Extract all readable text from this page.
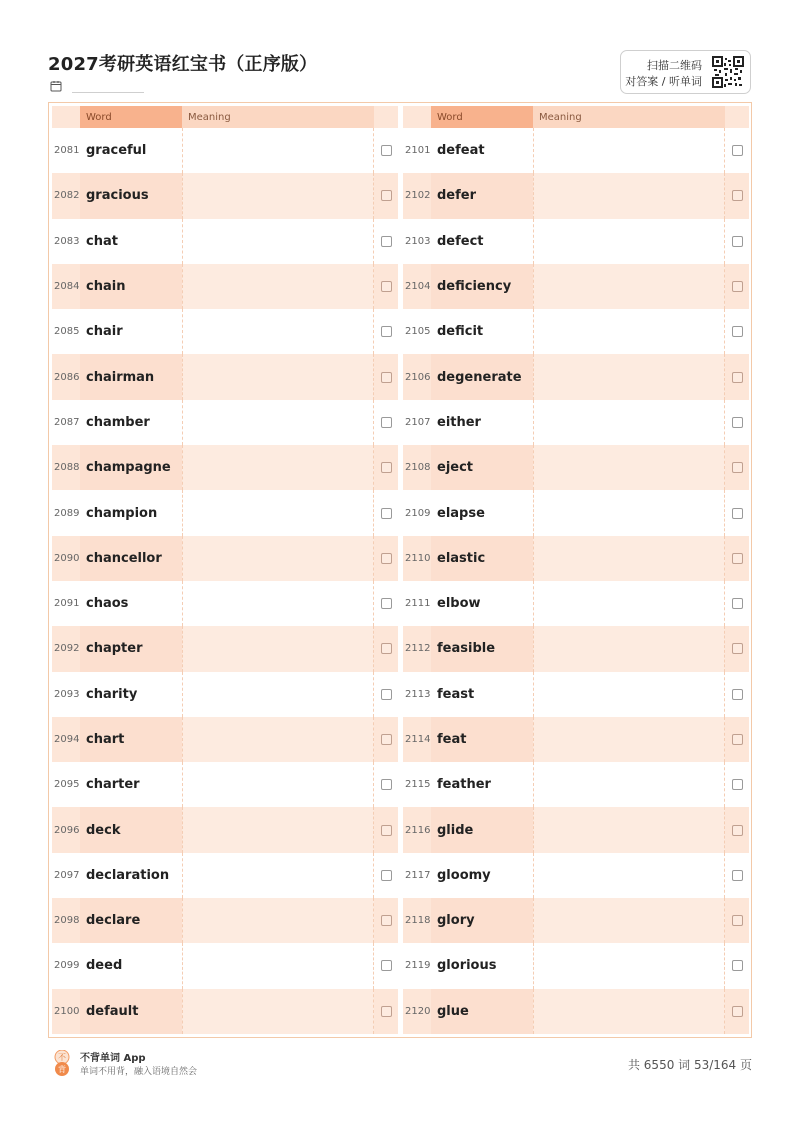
2027考研英语红宝书（正序版）	扫描二维码
对答案 / 听单词
Word	Meaning
2081 graceful
2082 gracious
2083 chat
2084 chain
2085 chair
2086 chairman
2087 chamber
2088 champagne
2089 champion
2090 chancellor
2091 chaos
2092 chapter
2093 charity
2094 chart
2095 charter
2096 deck
2097 declaration
2098 declare
2099 deed
2100 default
Word	Meaning
2101 defeat
2102 defer
2103 defect
2104 deficiency
2105 deficit
2106 degenerate
2107 either
2108 eject
2109 elapse
2110 elastic
2111 elbow
2112 feasible
2113 feast
2114 feat
2115 feather
2116 glide
2117 gloomy
2118 glory
2119 glorious
2120 glue
不
背
不背单词 App
单词不用背，融入语境自然会	共 6550 词 53/164 页
